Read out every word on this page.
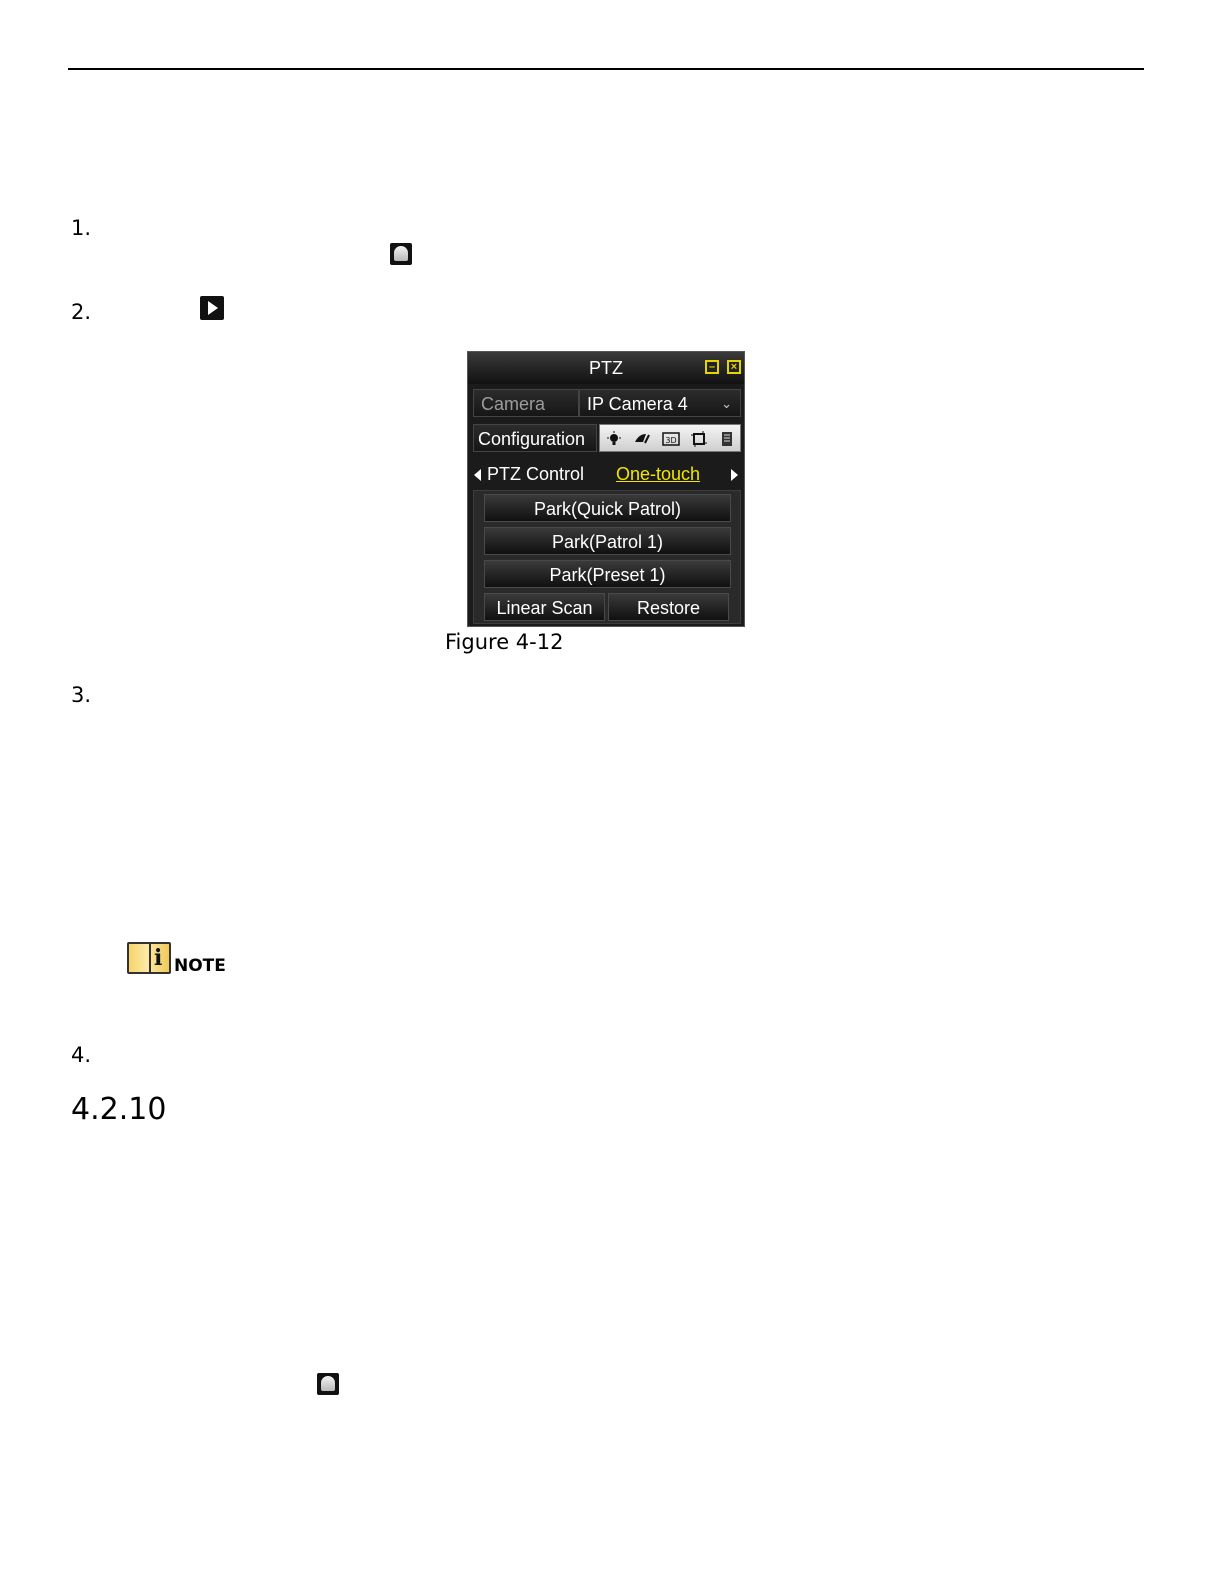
1.
2.
PTZ	–	×
Camera	IP Camera 4	⌄
Configuration	3D
PTZ Control One-touch
Park(Quick Patrol)
Park(Patrol 1)
Park(Preset 1)
Linear Scan	Restore
Figure 4-12
3.
i NOTE
4.
4.2.10
